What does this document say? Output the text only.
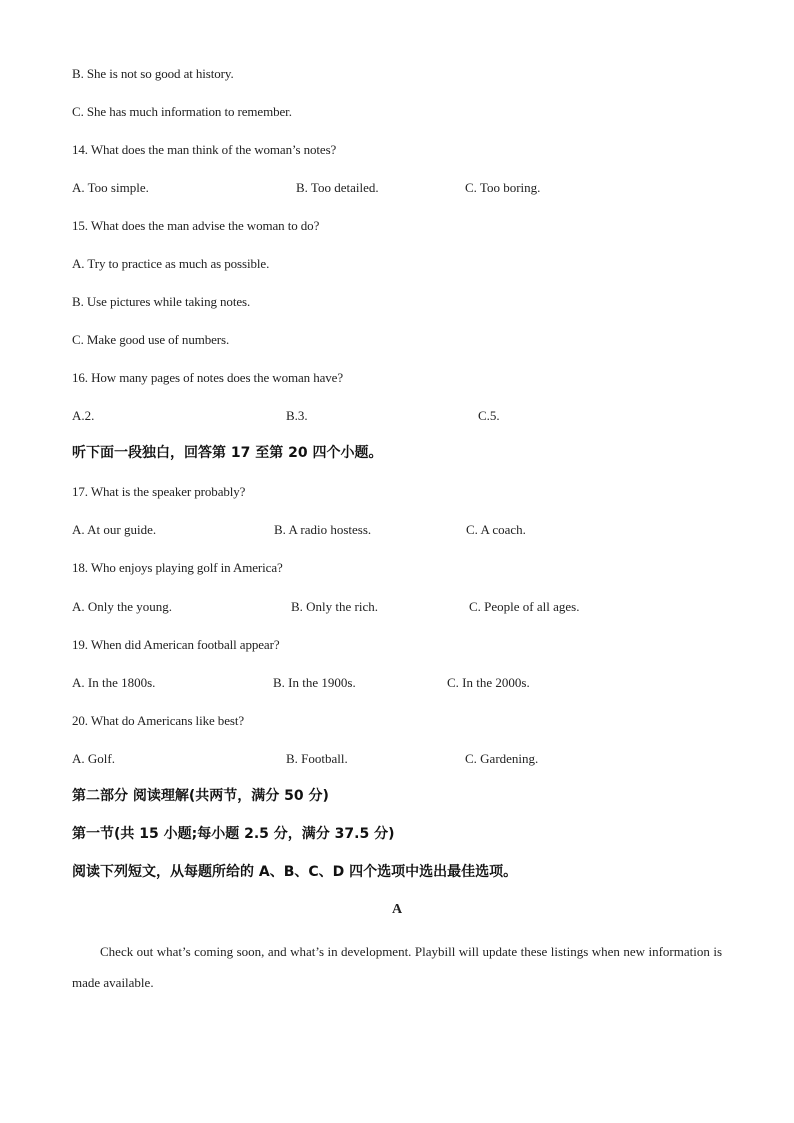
B. She is not so good at history.
C. She has much information to remember.
14. What does the man think of the woman’s notes?
A. Too simple.	B. Too detailed.	C. Too boring.
15. What does the man advise the woman to do?
A. Try to practice as much as possible.
B. Use pictures while taking notes.
C. Make good use of numbers.
16. How many pages of notes does the woman have?
A.2.	B.3.	C.5.
听下面一段独白，回答第 17 至第 20 四个小题。
17. What is the speaker probably?
A. At our guide.	B. A radio hostess.	C. A coach.
18. Who enjoys playing golf in America?
A. Only the young.	B. Only the rich.	C. People of all ages.
19. When did American football appear?
A. In the 1800s.	B. In the 1900s.	C. In the 2000s.
20. What do Americans like best?
A. Golf.	B. Football.	C. Gardening.
第二部分 阅读理解(共两节，满分 50 分)
第一节(共 15 小题;每小题 2.5 分，满分 37.5 分)
阅读下列短文，从每题所给的 A、B、C、D 四个选项中选出最佳选项。
A
Check out what’s coming soon, and what’s in development. Playbill will update these listings when new information is made available.
